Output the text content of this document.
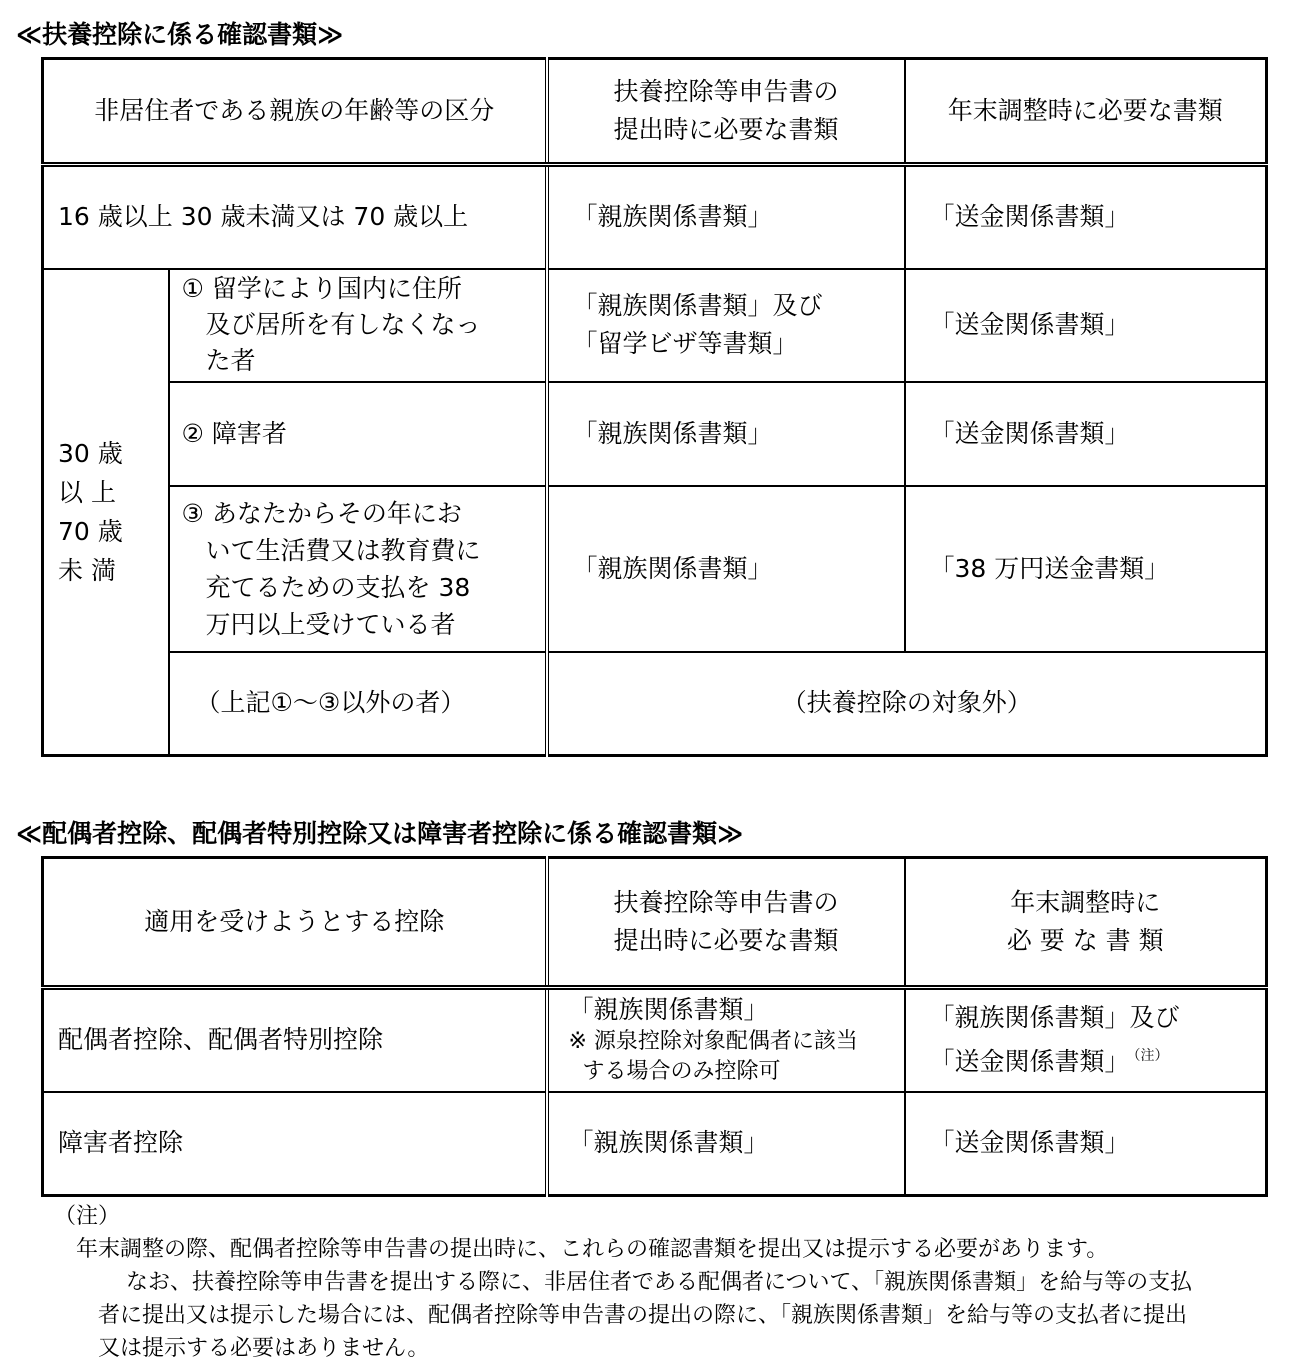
≪扶養控除に係る確認書類≫
非居住者である親族の年齢等の区分		扶養控除等申告書の
提出時に必要な書類	年末調整時に必要な書類
16 歳以上 30 歳未満又は 70 歳以上		「親族関係書類」	「送金関係書類」

30 歳
以 上
70 歳
未 満	① 留学により国内に住所
及び居所を有しなくなっ
た者	「親族関係書類」及び
「留学ビザ等書類」	「送金関係書類」
	② 障害者	「親族関係書類」	「送金関係書類」

	③ あなたからその年にお
いて生活費又は教育費に
充てるための支払を 38
万円以上受けている者	「親族関係書類」	「38 万円送金書類」
	（上記①～③以外の者）	（扶養控除の対象外）	
≪配偶者控除、配偶者特別控除又は障害者控除に係る確認書類≫
適用を受けようとする控除	扶養控除等申告書の
提出時に必要な書類	年末調整時に
必 要 な 書 類

配偶者控除、配偶者特別控除	「親族関係書類」
※ 源泉控除対象配偶者に該当
する場合のみ控除可	「親族関係書類」及び
「送金関係書類」 $^{(注)}$

障害者控除	「親族関係書類」	「送金関係書類」
（注）
年末調整の際、配偶者控除等申告書の提出時に、これらの確認書類を提出又は提示する必要があります。
なお、扶養控除等申告書を提出する際に、非居住者である配偶者について、「親族関係書類」を給与等の支払
者に提出又は提示した場合には、配偶者控除等申告書の提出の際に、「親族関係書類」を給与等の支払者に提出
又は提示する必要はありません。
